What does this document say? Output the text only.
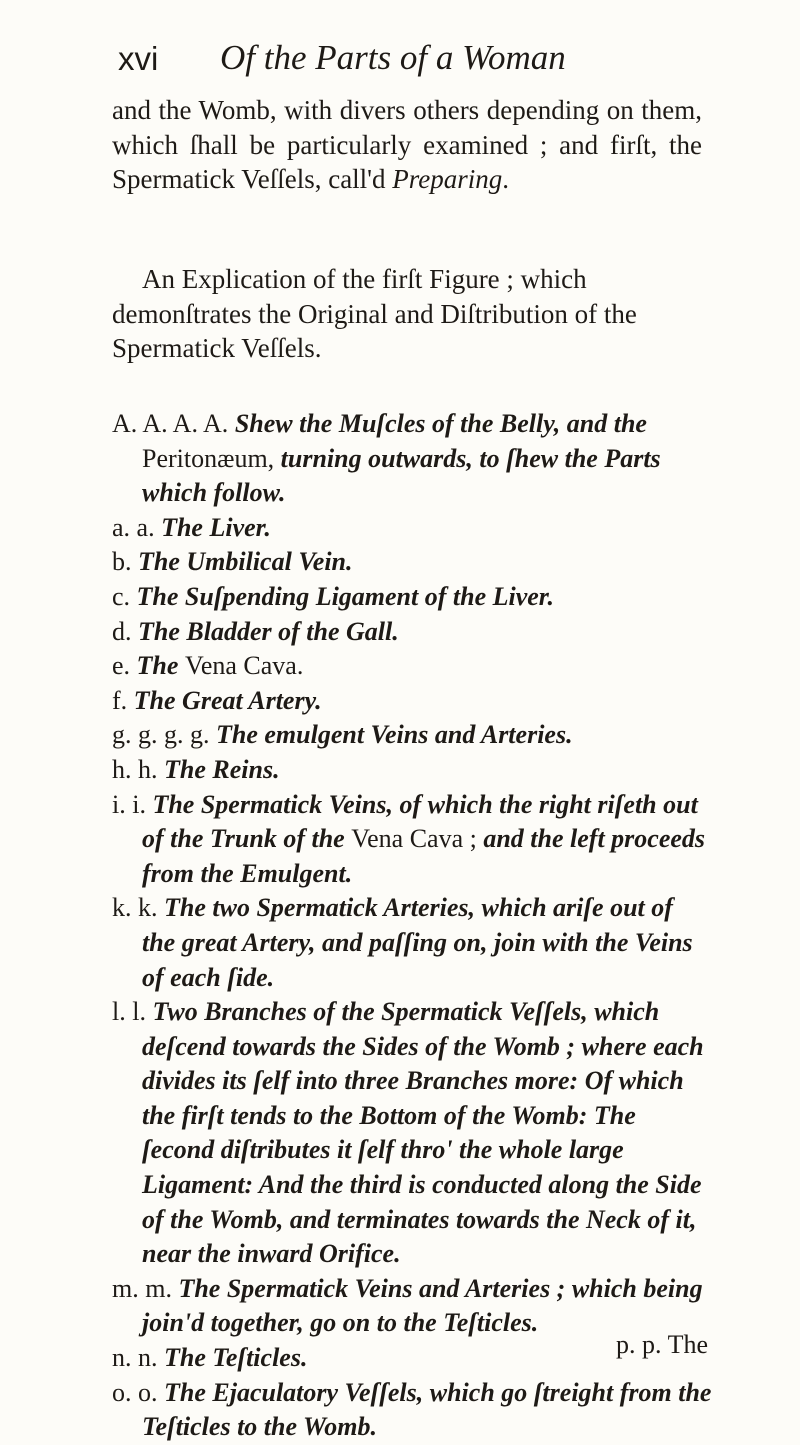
xvi Of the Parts of a Woman
and the Womb, with divers others depending on them, which ſhall be particularly examined ; and firſt, the Spermatick Veſſels, call'd Preparing.
An Explication of the firſt Figure ; which demonſtrates the Original and Diſtribution of the Spermatick Veſſels.
A. A. A. A. Shew the Muſcles of the Belly, and the Peritonæum, turning outwards, to ſhew the Parts which follow.
a. a. The Liver.
b. The Umbilical Vein.
c. The Suſpending Ligament of the Liver.
d. The Bladder of the Gall.
e. The Vena Cava.
f. The Great Artery.
g. g. g. g. The emulgent Veins and Arteries.
h. h. The Reins.
i. i. The Spermatick Veins, of which the right riſeth out of the Trunk of the Vena Cava ; and the left proceeds from the Emulgent.
k. k. The two Spermatick Arteries, which ariſe out of the great Artery, and paſſing on, join with the Veins of each ſide.
l. l. Two Branches of the Spermatick Veſſels, which deſcend towards the Sides of the Womb ; where each divides its ſelf into three Branches more: Of which the firſt tends to the Bottom of the Womb: The ſecond diſtributes it ſelf thro' the whole large Ligament: And the third is conducted along the Side of the Womb, and terminates towards the Neck of it, near the inward Orifice.
m. m. The Spermatick Veins and Arteries ; which being join'd together, go on to the Teſticles.
n. n. The Teſticles.
o. o. The Ejaculatory Veſſels, which go ſtreight from the Teſticles to the Womb.
p. p. The
